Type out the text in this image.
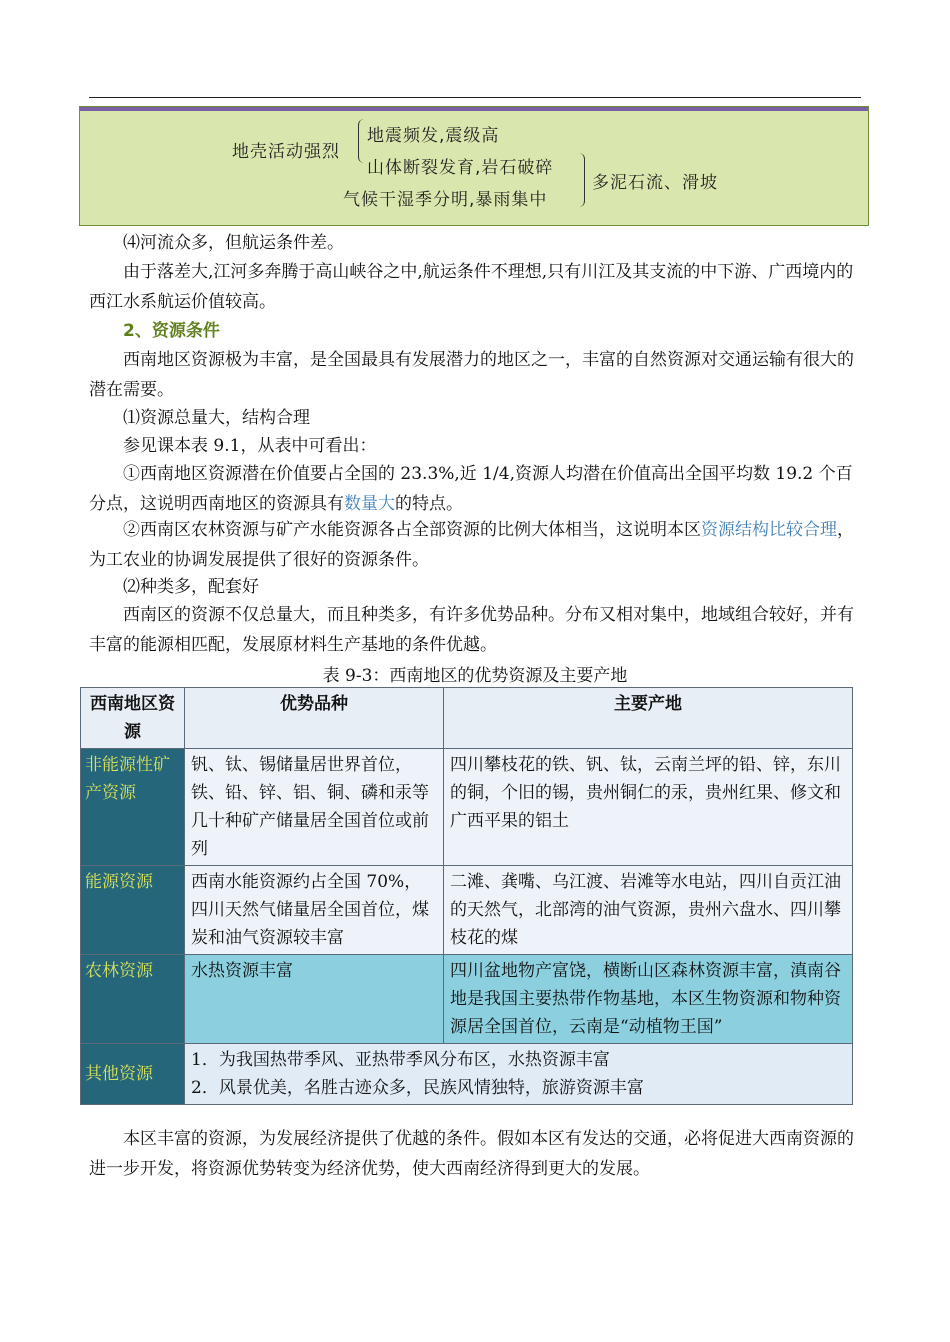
地壳活动强烈
地震频发,震级高
山体断裂发育,岩石破碎
气候干湿季分明,暴雨集中
多泥石流、滑坡
⑷河流众多，但航运条件差。
由于落差大,江河多奔腾于高山峡谷之中,航运条件不理想,只有川江及其支流的中下游、广西境内的西江水系航运价值较高。
2、资源条件
西南地区资源极为丰富，是全国最具有发展潜力的地区之一，丰富的自然资源对交通运输有很大的潜在需要。
⑴资源总量大，结构合理
参见课本表 9.1，从表中可看出：
①西南地区资源潜在价值要占全国的 23.3%,近 1/4,资源人均潜在价值高出全国平均数 19.2 个百分点，这说明西南地区的资源具有数量大的特点。
②西南区农林资源与矿产水能资源各占全部资源的比例大体相当，这说明本区资源结构比较合理，为工农业的协调发展提供了很好的资源条件。
⑵种类多，配套好
西南区的资源不仅总量大，而且种类多，有许多优势品种。分布又相对集中，地域组合较好，并有丰富的能源相匹配，发展原材料生产基地的条件优越。
表 9-3：西南地区的优势资源及主要产地
西南地区资源	优势品种	主要产地
非能源性矿产资源	钒、钛、锡储量居世界首位，铁、铅、锌、铝、铜、磷和汞等几十种矿产储量居全国首位或前列	四川攀枝花的铁、钒、钛，云南兰坪的铅、锌，东川的铜，个旧的锡，贵州铜仁的汞，贵州红果、修文和广西平果的铝土
能源资源	西南水能资源约占全国 70%，四川天然气储量居全国首位，煤炭和油气资源较丰富	二滩、龚嘴、乌江渡、岩滩等水电站，四川自贡江油的天然气，北部湾的油气资源，贵州六盘水、四川攀枝花的煤
农林资源	水热资源丰富	四川盆地物产富饶，横断山区森林资源丰富，滇南谷地是我国主要热带作物基地，本区生物资源和物种资源居全国首位，云南是“动植物王国”
其他资源	1．为我国热带季风、亚热带季风分布区，水热资源丰富
2．风景优美，名胜古迹众多，民族风情独特，旅游资源丰富	
本区丰富的资源，为发展经济提供了优越的条件。假如本区有发达的交通，必将促进大西南资源的进一步开发，将资源优势转变为经济优势，使大西南经济得到更大的发展。
